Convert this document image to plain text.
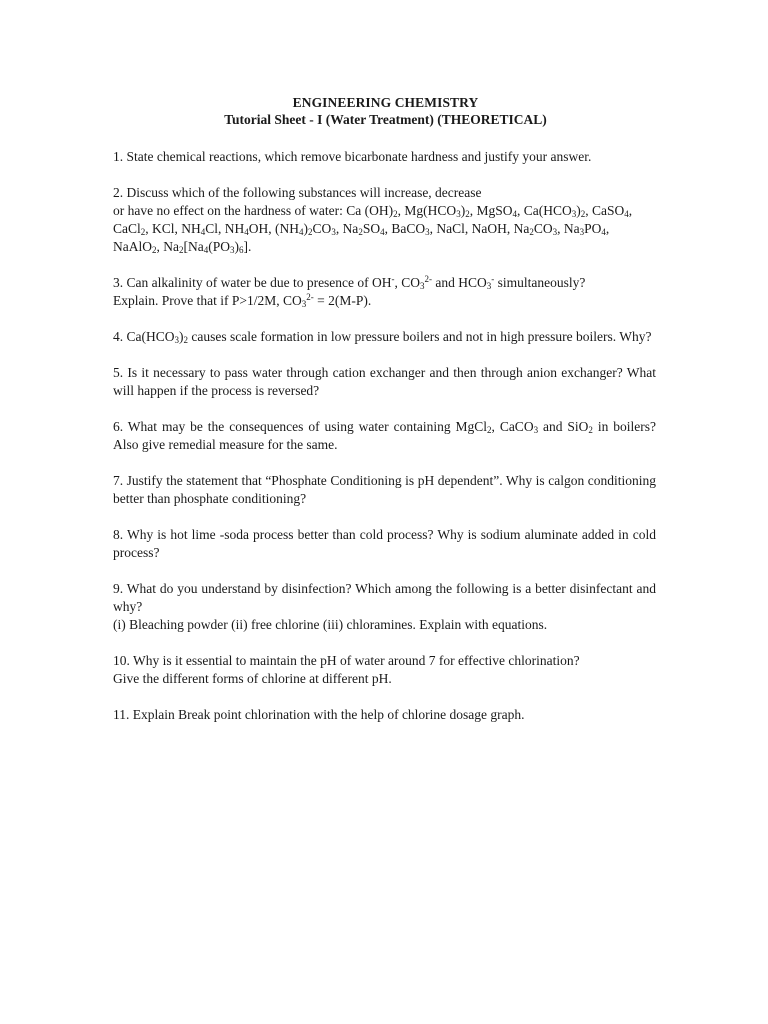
ENGINEERING CHEMISTRY
Tutorial Sheet - I (Water Treatment) (THEORETICAL)

1. State chemical reactions, which remove bicarbonate hardness and justify your answer.

2. Discuss which of the following substances will increase, decrease
or have no effect on the hardness of water: Ca $(OH)_2$, $Mg(HCO_3)_2$, MgSO$_4$, $Ca(HCO_3)_2$, CaSO$_4$, CaCl$_2$, KCl, $NH_4Cl$, $NH_4OH$, $(NH_4)_2CO_3$, $Na_2SO_4$, BaCO$_3$, NaCl, NaOH, $Na_2CO_3$, $Na_3PO_4$, NaAlO$_2$, $Na_2[Na_4(PO_3)_6]$.

3. Can alkalinity of water be due to presence of OH-, $CO_3^{2-}$ and $HCO_3^-$ simultaneously?
Explain. Prove that if P>1/2M, $CO_3^{2-} = 2(M-P)$.

4. $Ca(HCO_3)_2$ causes scale formation in low pressure boilers and not in high pressure boilers. Why?

5. Is it necessary to pass water through cation exchanger and then through anion exchanger? What will happen if the process is reversed?

6. What may be the consequences of using water containing MgCl$_2$, CaCO$_3$ and SiO$_2$ in boilers? Also give remedial measure for the same.

7. Justify the statement that “Phosphate Conditioning is pH dependent”. Why is calgon conditioning better than phosphate conditioning?

8. Why is hot lime -soda process better than cold process? Why is sodium aluminate added in cold process?

9. What do you understand by disinfection? Which among the following is a better disinfectant and why?
(i) Bleaching powder (ii) free chlorine (iii) chloramines. Explain with equations.

10. Why is it essential to maintain the pH of water around 7 for effective chlorination?
Give the different forms of chlorine at different pH.

11. Explain Break point chlorination with the help of chlorine dosage graph.
